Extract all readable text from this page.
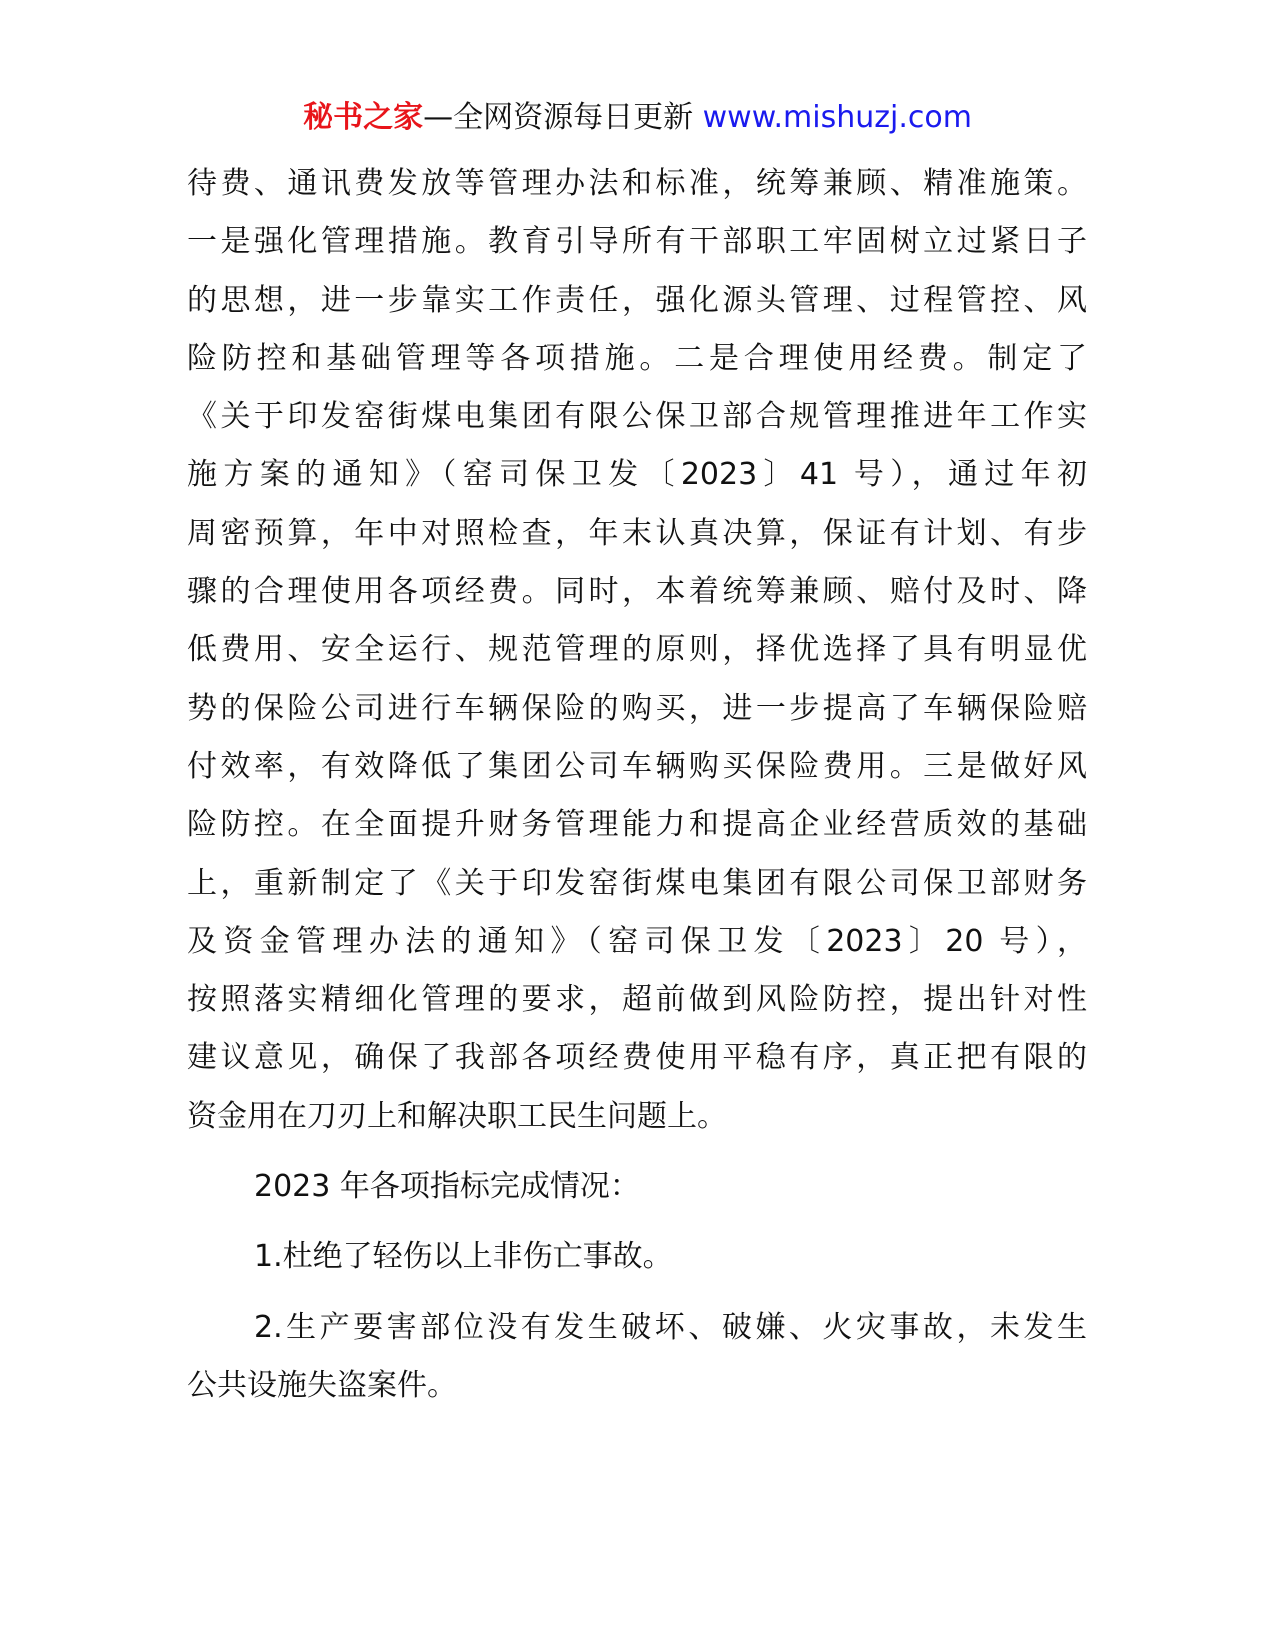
秘书之家—全网资源每日更新 www.mishuzj.com
待费、通讯费发放等管理办法和标准，统筹兼顾、精准施策。
一是强化管理措施。教育引导所有干部职工牢固树立过紧日子
的思想，进一步靠实工作责任，强化源头管理、过程管控、风
险防控和基础管理等各项措施。二是合理使用经费。制定了
《关于印发窑街煤电集团有限公保卫部合规管理推进年工作实
施方案的通知》（窑司保卫发〔2023〕41 号），通过年初
周密预算，年中对照检查，年末认真决算，保证有计划、有步
骤的合理使用各项经费。同时，本着统筹兼顾、赔付及时、降
低费用、安全运行、规范管理的原则，择优选择了具有明显优
势的保险公司进行车辆保险的购买，进一步提高了车辆保险赔
付效率，有效降低了集团公司车辆购买保险费用。三是做好风
险防控。在全面提升财务管理能力和提高企业经营质效的基础
上，重新制定了《关于印发窑街煤电集团有限公司保卫部财务
及资金管理办法的通知》（窑司保卫发〔2023〕20 号），
按照落实精细化管理的要求，超前做到风险防控，提出针对性
建议意见，确保了我部各项经费使用平稳有序，真正把有限的
资金用在刀刃上和解决职工民生问题上。
2023 年各项指标完成情况：
1.杜绝了轻伤以上非伤亡事故。
2.生产要害部位没有发生破坏、破嫌、火灾事故，未发生
公共设施失盗案件。
